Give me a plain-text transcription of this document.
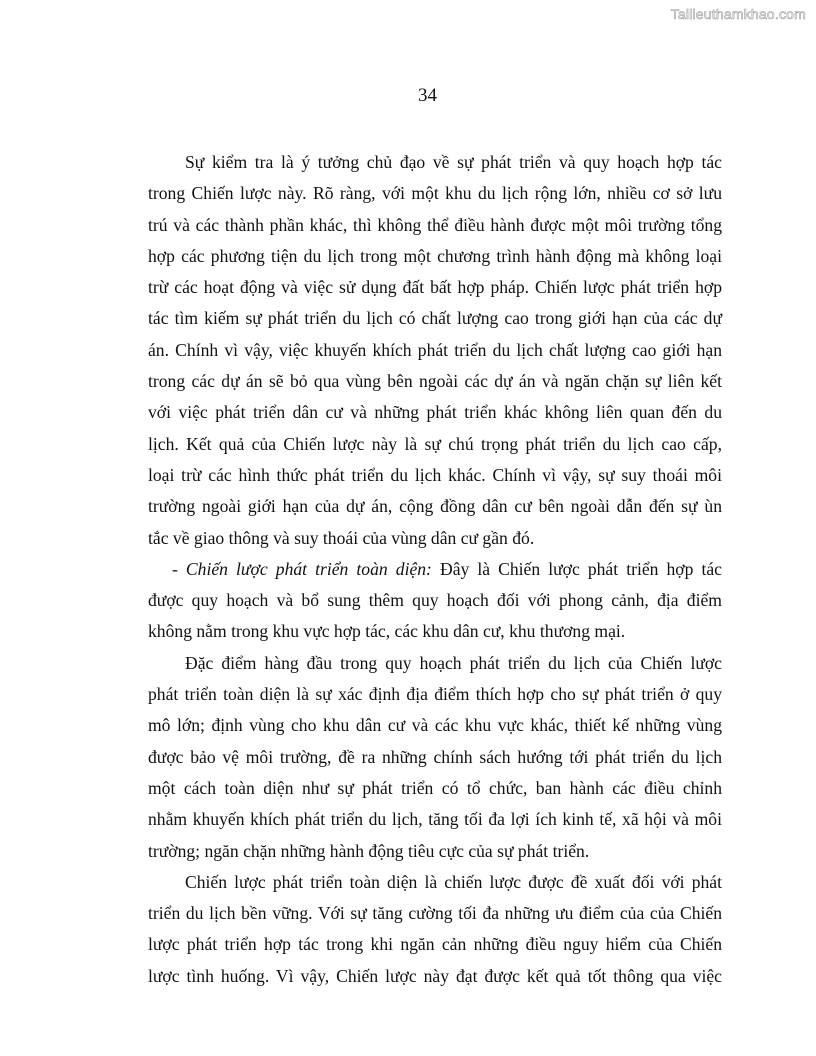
Tailieuthamkhao.com
34
Sự kiểm tra là ý tưởng chủ đạo về sự phát triển và quy hoạch hợp tác
trong Chiến lược này. Rõ ràng, với một khu du lịch rộng lớn, nhiều cơ sở lưu
trú và các thành phần khác, thì không thể điều hành được một môi trường tổng
hợp các phương tiện du lịch trong một chương trình hành động mà không loại
trừ các hoạt động và việc sử dụng đất bất hợp pháp. Chiến lược phát triển hợp
tác tìm kiếm sự phát triển du lịch có chất lượng cao trong giới hạn của các dự
án. Chính vì vậy, việc khuyến khích phát triển du lịch chất lượng cao giới hạn
trong các dự án sẽ bỏ qua vùng bên ngoài các dự án và ngăn chặn sự liên kết
với việc phát triển dân cư và những phát triển khác không liên quan đến du
lịch. Kết quả của Chiến lược này là sự chú trọng phát triển du lịch cao cấp,
loại trừ các hình thức phát triển du lịch khác. Chính vì vậy, sự suy thoái môi
trường ngoài giới hạn của dự án, cộng đồng dân cư bên ngoài dẫn đến sự ùn
tắc về giao thông và suy thoái của vùng dân cư gần đó.
- Chiến lược phát triển toàn diện: Đây là Chiến lược phát triển hợp tác
được quy hoạch và bổ sung thêm quy hoạch đối với phong cảnh, địa điểm
không nằm trong khu vực hợp tác, các khu dân cư, khu thương mại.
Đặc điểm hàng đầu trong quy hoạch phát triển du lịch của Chiến lược
phát triển toàn diện là sự xác định địa điểm thích hợp cho sự phát triển ở quy
mô lớn; định vùng cho khu dân cư và các khu vực khác, thiết kế những vùng
được bảo vệ môi trường, đề ra những chính sách hướng tới phát triển du lịch
một cách toàn diện như sự phát triển có tổ chức, ban hành các điều chỉnh
nhằm khuyến khích phát triển du lịch, tăng tối đa lợi ích kinh tế, xã hội và môi
trường; ngăn chặn những hành động tiêu cực của sự phát triển.
Chiến lược phát triển toàn diện là chiến lược được đề xuất đối với phát
triển du lịch bền vững. Với sự tăng cường tối đa những ưu điểm của của Chiến
lược phát triển hợp tác trong khi ngăn cản những điều nguy hiểm của Chiến
lược tình huống. Vì vậy, Chiến lược này đạt được kết quả tốt thông qua việc
